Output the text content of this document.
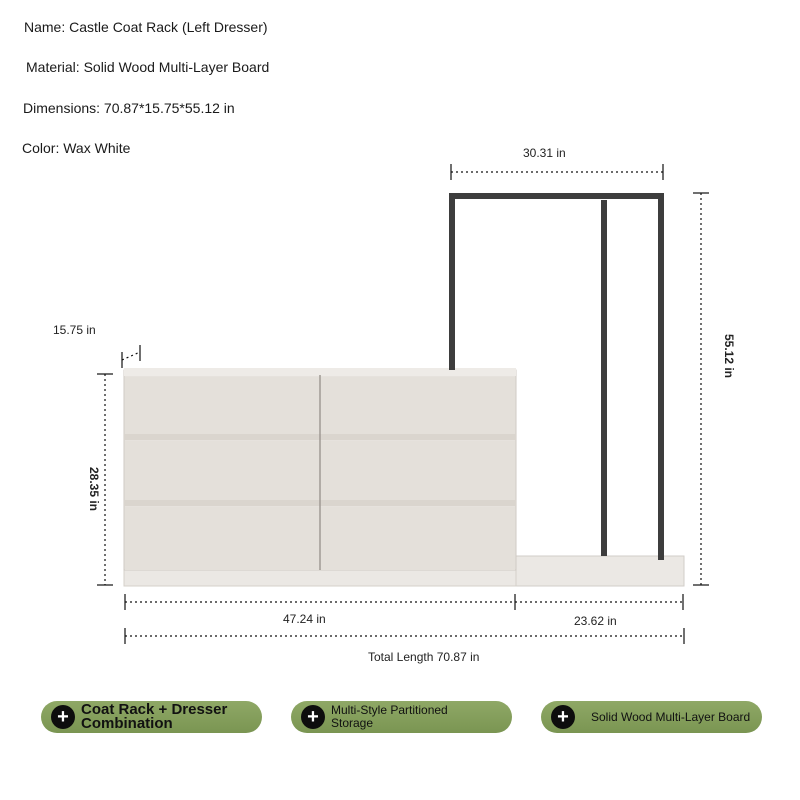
Name: Castle Coat Rack (Left Dresser)
Material: Solid Wood Multi-Layer Board
Dimensions: 70.87*15.75*55.12 in
Color: Wax White	30.31 in
15.75 in
55.12 in
28.35 in
47.24 in	23.62 in
Total Length 70.87 in
+ Coat Rack + Dresser Combination	+	Multi-Style Partitioned Storage	+	Solid Wood Multi-Layer Board
